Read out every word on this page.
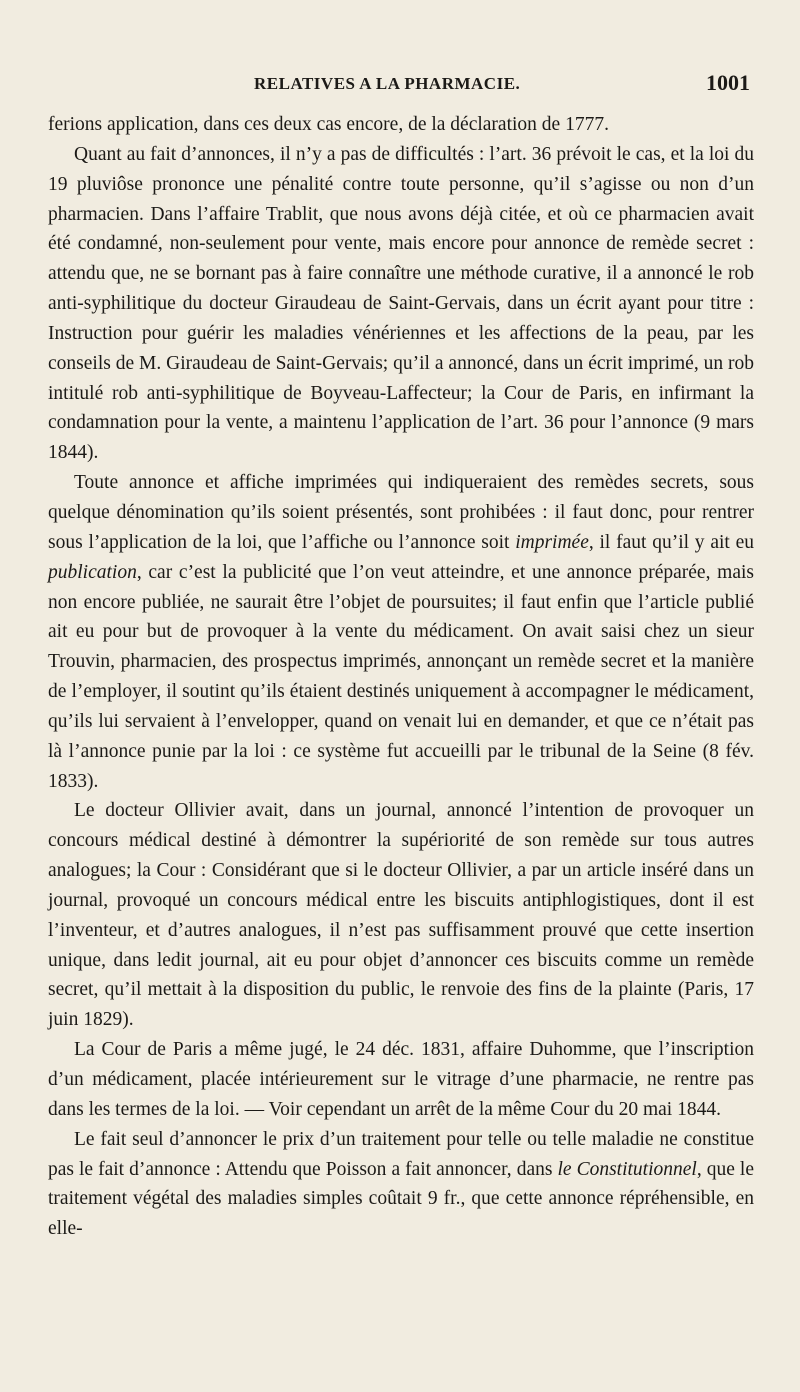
RELATIVES A LA PHARMACIE.	1001

ferions application, dans ces deux cas encore, de la déclaration de 1777.

Quant au fait d’annonces, il n’y a pas de difficultés : l’art. 36 prévoit le cas, et la loi du 19 pluviôse prononce une pénalité contre toute personne, qu’il s’agisse ou non d’un pharmacien. Dans l’affaire Trablit, que nous avons déjà citée, et où ce pharmacien avait été condamné, non-seulement pour vente, mais encore pour annonce de remède secret : attendu que, ne se bornant pas à faire connaître une méthode curative, il a annoncé le rob anti-syphilitique du docteur Giraudeau de Saint-Gervais, dans un écrit ayant pour titre : Instruction pour guérir les maladies vénériennes et les affections de la peau, par les conseils de M. Giraudeau de Saint-Gervais; qu’il a annoncé, dans un écrit imprimé, un rob intitulé rob anti-syphilitique de Boyveau-Laffecteur; la Cour de Paris, en infirmant la condamnation pour la vente, a maintenu l’application de l’art. 36 pour l’annonce (9 mars 1844).

Toute annonce et affiche imprimées qui indiqueraient des remèdes secrets, sous quelque dénomination qu’ils soient présentés, sont prohibées : il faut donc, pour rentrer sous l’application de la loi, que l’affiche ou l’annonce soit imprimée, il faut qu’il y ait eu publication, car c’est la publicité que l’on veut atteindre, et une annonce préparée, mais non encore publiée, ne saurait être l’objet de poursuites; il faut enfin que l’article publié ait eu pour but de provoquer à la vente du médicament. On avait saisi chez un sieur Trouvin, pharmacien, des prospectus imprimés, annonçant un remède secret et la manière de l’employer, il soutint qu’ils étaient destinés uniquement à accompagner le médicament, qu’ils lui servaient à l’envelopper, quand on venait lui en demander, et que ce n’était pas là l’annonce punie par la loi : ce système fut accueilli par le tribunal de la Seine (8 fév. 1833).

Le docteur Ollivier avait, dans un journal, annoncé l’intention de provoquer un concours médical destiné à démontrer la supériorité de son remède sur tous autres analogues; la Cour : Considérant que si le docteur Ollivier, a par un article inséré dans un journal, provoqué un concours médical entre les biscuits antiphlogistiques, dont il est l’inventeur, et d’autres analogues, il n’est pas suffisamment prouvé que cette insertion unique, dans ledit journal, ait eu pour objet d’annoncer ces biscuits comme un remède secret, qu’il mettait à la disposition du public, le renvoie des fins de la plainte (Paris, 17 juin 1829).

La Cour de Paris a même jugé, le 24 déc. 1831, affaire Duhomme, que l’inscription d’un médicament, placée intérieurement sur le vitrage d’une pharmacie, ne rentre pas dans les termes de la loi. — Voir cependant un arrêt de la même Cour du 20 mai 1844.

Le fait seul d’annoncer le prix d’un traitement pour telle ou telle maladie ne constitue pas le fait d’annonce : Attendu que Poisson a fait annoncer, dans le Constitutionnel, que le traitement végétal des maladies simples coûtait 9 fr., que cette annonce répréhensible, en elle-
